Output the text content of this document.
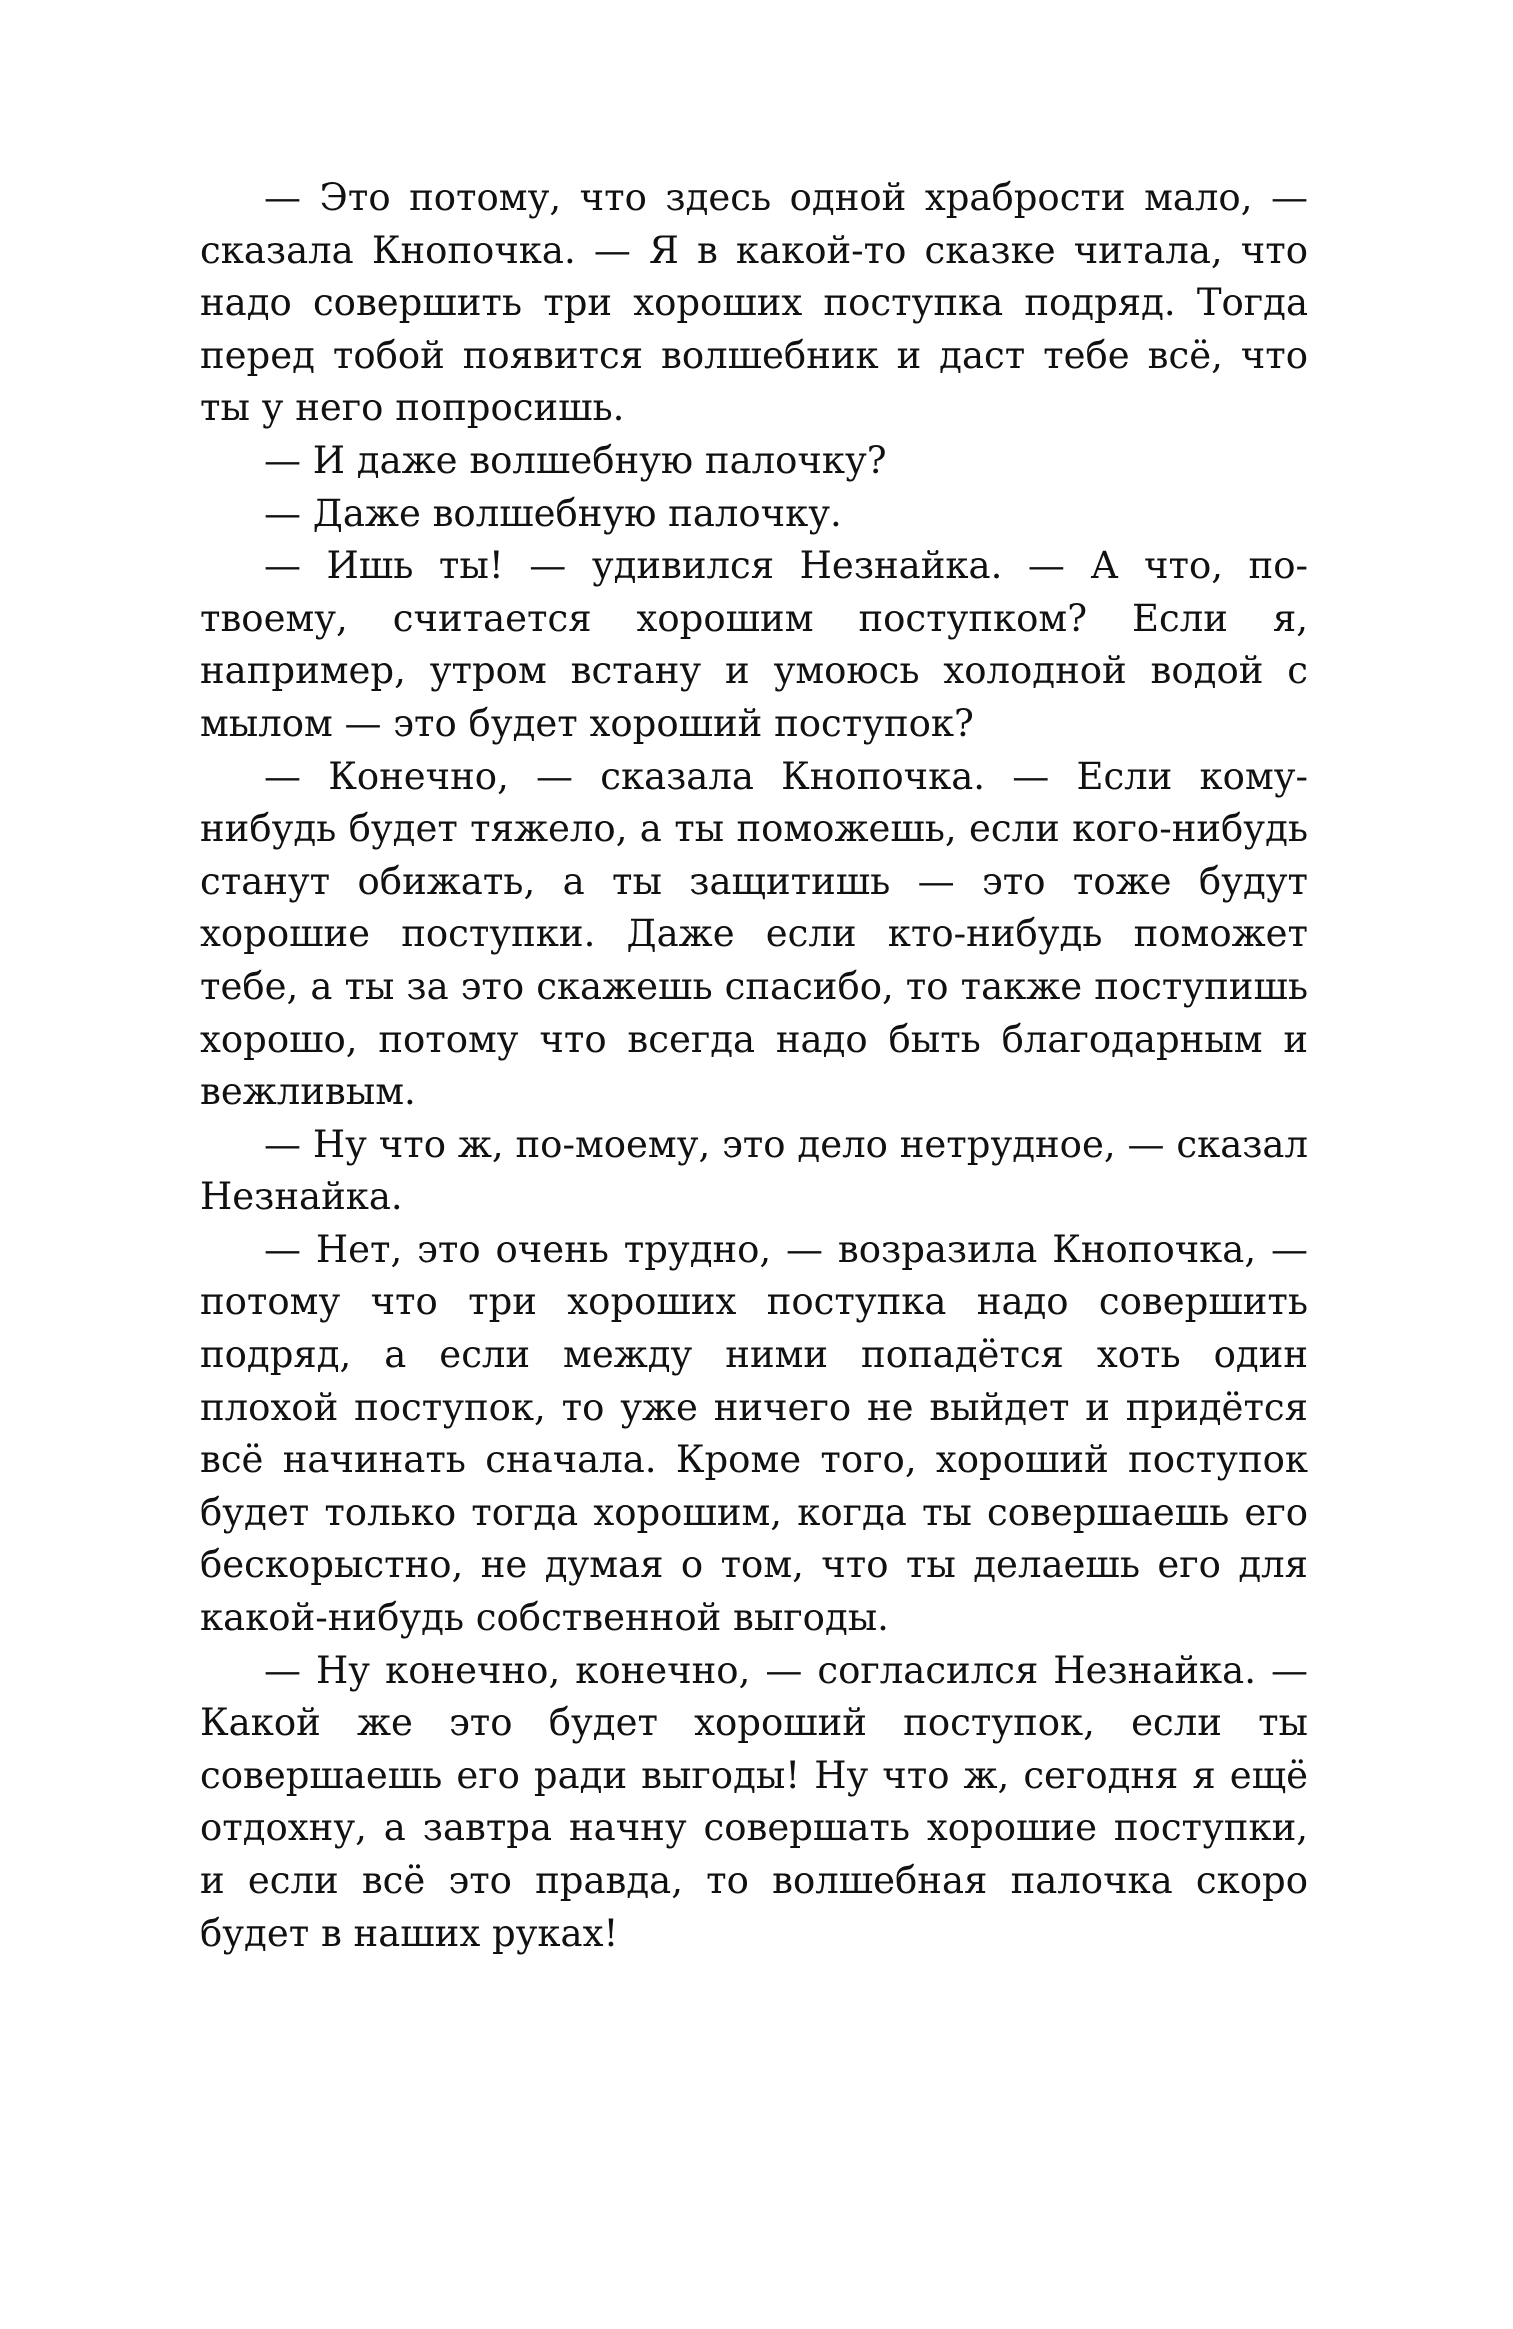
— Это потому, что здесь одной храбрости мало, — сказала Кнопочка. — Я в какой-то сказке читала, что надо совершить три хороших поступка подряд. Тогда перед тобой появится волшебник и даст тебе всё, что ты у него попросишь.

— И даже волшебную палочку?

— Даже волшебную палочку.

— Ишь ты! — удивился Незнайка. — А что, по-твоему, считается хорошим поступком? Если я, например, утром встану и умоюсь холодной водой с мылом — это будет хороший поступок?

— Конечно, — сказала Кнопочка. — Если кому-нибудь будет тяжело, а ты поможешь, если кого-нибудь станут обижать, а ты защитишь — это тоже будут хорошие поступки. Даже если кто-нибудь поможет тебе, а ты за это скажешь спасибо, то также поступишь хорошо, потому что всегда надо быть благодарным и вежливым.

— Ну что ж, по-моему, это дело нетрудное, — сказал Незнайка.

— Нет, это очень трудно, — возразила Кнопочка, — потому что три хороших поступка надо совершить подряд, а если между ними попадётся хоть один плохой поступок, то уже ничего не выйдет и придётся всё начинать сначала. Кроме того, хороший поступок будет только тогда хорошим, когда ты совершаешь его бескорыстно, не думая о том, что ты делаешь его для какой-нибудь собственной выгоды.

— Ну конечно, конечно, — согласился Незнайка. — Какой же это будет хороший поступок, если ты совершаешь его ради выгоды! Ну что ж, сегодня я ещё отдохну, а завтра начну совершать хорошие поступки, и если всё это правда, то волшебная палочка скоро будет в наших руках!
